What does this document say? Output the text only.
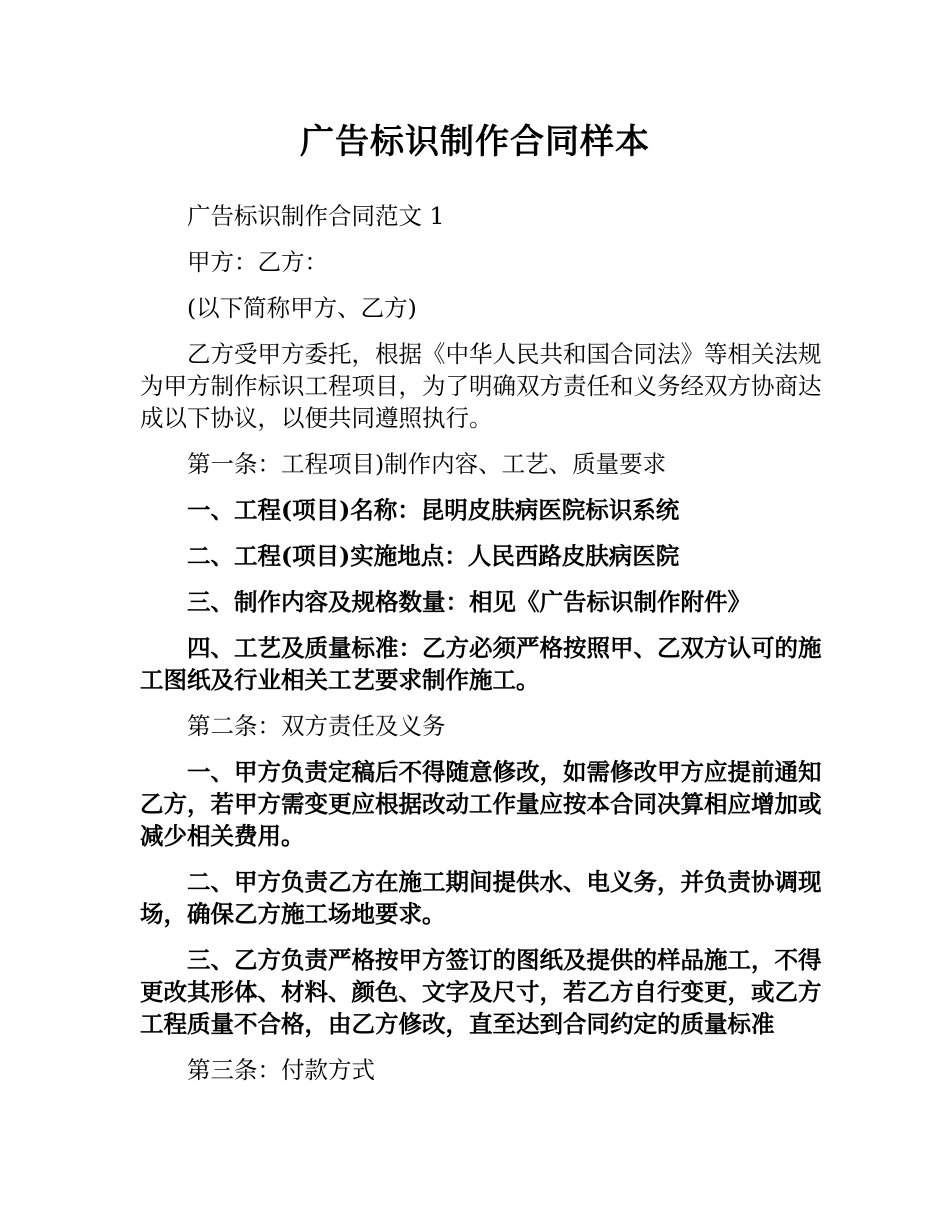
广告标识制作合同样本

广告标识制作合同范文 1

甲方：乙方：

(以下简称甲方、乙方)

乙方受甲方委托，根据《中华人民共和国合同法》等相关法规为甲方制作标识工程项目，为了明确双方责任和义务经双方协商达成以下协议，以便共同遵照执行。

第一条：工程项目)制作内容、工艺、质量要求

一、工程(项目)名称：昆明皮肤病医院标识系统

二、工程(项目)实施地点：人民西路皮肤病医院

三、制作内容及规格数量：相见《广告标识制作附件》

四、工艺及质量标准：乙方必须严格按照甲、乙双方认可的施工图纸及行业相关工艺要求制作施工。

第二条：双方责任及义务

一、甲方负责定稿后不得随意修改，如需修改甲方应提前通知乙方，若甲方需变更应根据改动工作量应按本合同决算相应增加或减少相关费用。

二、甲方负责乙方在施工期间提供水、电义务，并负责协调现场，确保乙方施工场地要求。

三、乙方负责严格按甲方签订的图纸及提供的样品施工，不得更改其形体、材料、颜色、文字及尺寸，若乙方自行变更，或乙方工程质量不合格，由乙方修改，直至达到合同约定的质量标准

第三条：付款方式
